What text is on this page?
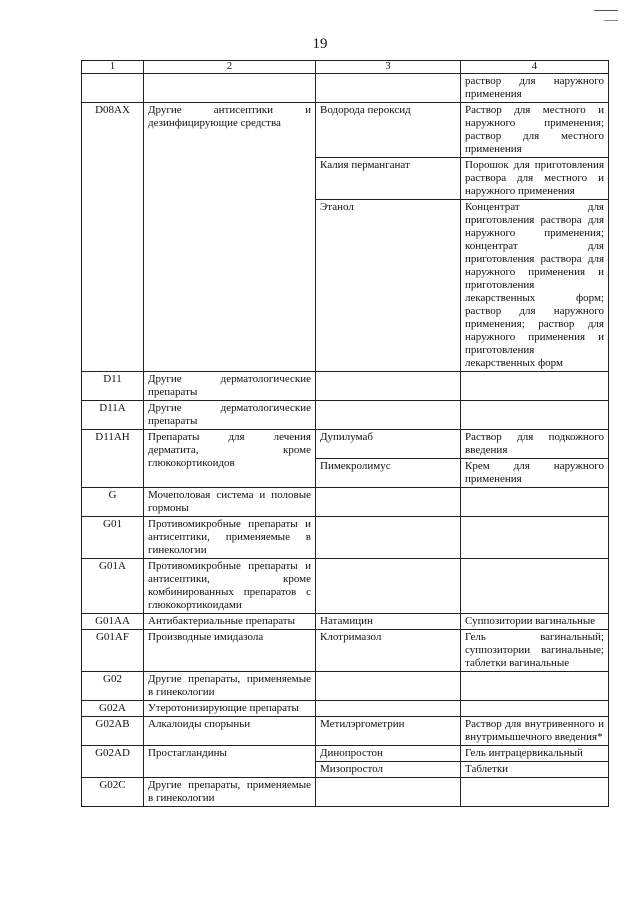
19
1	2	3	4
			раствор для наружного применения
D08AX	Другие антисептики и дезинфицирующие средства	Водорода пероксид	Раствор для местного и наружного применения; раствор для местного применения
		Калия перманганат	Порошок для приготовления раствора для местного и наружного применения
		Этанол	Концентрат для приготовления раствора для наружного применения; концентрат для приготовления раствора для наружного применения и приготовления лекарственных форм; раствор для наружного применения; раствор для наружного применения и приготовления лекарственных форм
D11	Другие дерматологические препараты		
D11A	Другие дерматологические препараты		
D11AH	Препараты для лечения дерматита, кроме глюкокортикоидов	Дупилумаб	Раствор для подкожного введения
		Пимекролимус	Крем для наружного применения
G	Мочеполовая система и половые гормоны		
G01	Противомикробные препараты и антисептики, применяемые в гинекологии		
G01A	Противомикробные препараты и антисептики, кроме комбинированных препаратов с глюкокортикоидами		
G01AA	Антибактериальные препараты	Натамицин	Суппозитории вагинальные
G01AF	Производные имидазола	Клотримазол	Гель вагинальный; суппозитории вагинальные; таблетки вагинальные
G02	Другие препараты, применяемые в гинекологии		
G02A	Утеротонизирующие препараты		
G02AB	Алкалоиды спорыньи	Метилэргометрин	Раствор для внутривенного и внутримышечного введения*
G02AD	Простагландины	Динопростон	Гель интрацервикальный
		Мизопростол	Таблетки
G02C	Другие препараты, применяемые в гинекологии		
